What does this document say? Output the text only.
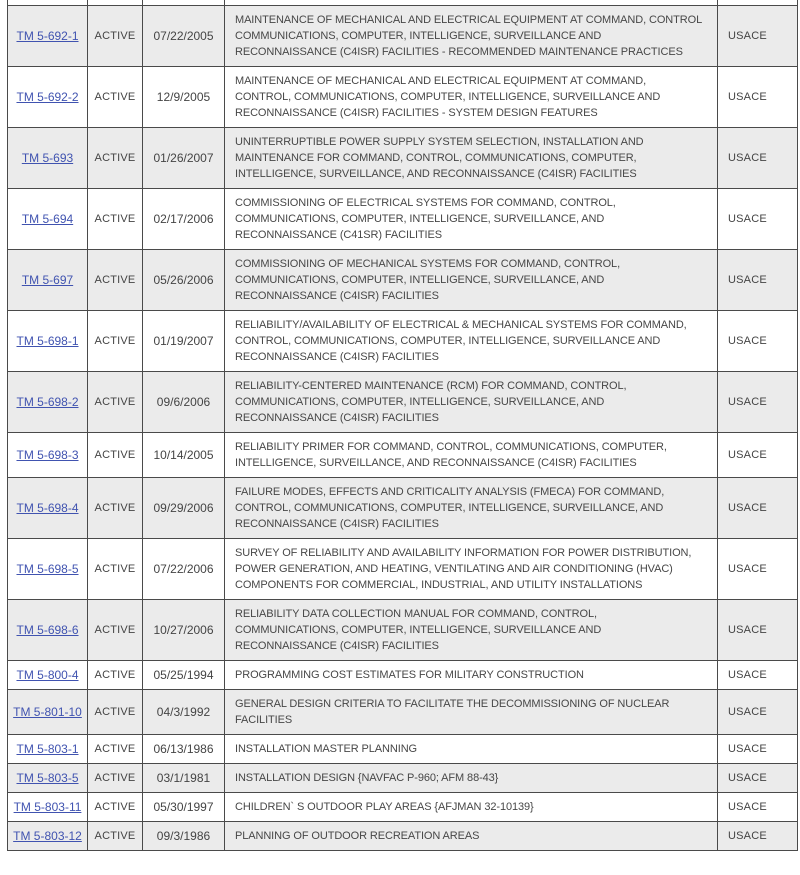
TM 5-692-1	ACTIVE	07/22/2005	MAINTENANCE OF MECHANICAL AND ELECTRICAL EQUIPMENT AT COMMAND, CONTROL COMMUNICATIONS, COMPUTER, INTELLIGENCE, SURVEILLANCE AND RECONNAISSANCE (C4ISR) FACILITIES - RECOMMENDED MAINTENANCE PRACTICES	USACE
TM 5-692-2	ACTIVE	12/9/2005	MAINTENANCE OF MECHANICAL AND ELECTRICAL EQUIPMENT AT COMMAND, CONTROL, COMMUNICATIONS, COMPUTER, INTELLIGENCE, SURVEILLANCE AND RECONNAISSANCE (C4ISR) FACILITIES - SYSTEM DESIGN FEATURES	USACE
TM 5-693	ACTIVE	01/26/2007	UNINTERRUPTIBLE POWER SUPPLY SYSTEM SELECTION, INSTALLATION AND MAINTENANCE FOR COMMAND, CONTROL, COMMUNICATIONS, COMPUTER, INTELLIGENCE, SURVEILLANCE, AND RECONNAISSANCE (C4ISR) FACILITIES	USACE
TM 5-694	ACTIVE	02/17/2006	COMMISSIONING OF ELECTRICAL SYSTEMS FOR COMMAND, CONTROL, COMMUNICATIONS, COMPUTER, INTELLIGENCE, SURVEILLANCE, AND RECONNAISSANCE (C41SR) FACILITIES	USACE
TM 5-697	ACTIVE	05/26/2006	COMMISSIONING OF MECHANICAL SYSTEMS FOR COMMAND, CONTROL, COMMUNICATIONS, COMPUTER, INTELLIGENCE, SURVEILLANCE, AND RECONNAISSANCE (C4ISR) FACILITIES	USACE
TM 5-698-1	ACTIVE	01/19/2007	RELIABILITY/AVAILABILITY OF ELECTRICAL & MECHANICAL SYSTEMS FOR COMMAND, CONTROL, COMMUNICATIONS, COMPUTER, INTELLIGENCE, SURVEILLANCE AND RECONNAISSANCE (C4ISR) FACILITIES	USACE
TM 5-698-2	ACTIVE	09/6/2006	RELIABILITY-CENTERED MAINTENANCE (RCM) FOR COMMAND, CONTROL, COMMUNICATIONS, COMPUTER, INTELLIGENCE, SURVEILLANCE, AND RECONNAISSANCE (C4ISR) FACILITIES	USACE
TM 5-698-3	ACTIVE	10/14/2005	RELIABILITY PRIMER FOR COMMAND, CONTROL, COMMUNICATIONS, COMPUTER, INTELLIGENCE, SURVEILLANCE, AND RECONNAISSANCE (C4ISR) FACILITIES	USACE
TM 5-698-4	ACTIVE	09/29/2006	FAILURE MODES, EFFECTS AND CRITICALITY ANALYSIS (FMECA) FOR COMMAND, CONTROL, COMMUNICATIONS, COMPUTER, INTELLIGENCE, SURVEILLANCE, AND RECONNAISSANCE (C4ISR) FACILITIES	USACE
TM 5-698-5	ACTIVE	07/22/2006	SURVEY OF RELIABILITY AND AVAILABILITY INFORMATION FOR POWER DISTRIBUTION, POWER GENERATION, AND HEATING, VENTILATING AND AIR CONDITIONING (HVAC) COMPONENTS FOR COMMERCIAL, INDUSTRIAL, AND UTILITY INSTALLATIONS	USACE
TM 5-698-6	ACTIVE	10/27/2006	RELIABILITY DATA COLLECTION MANUAL FOR COMMAND, CONTROL, COMMUNICATIONS, COMPUTER, INTELLIGENCE, SURVEILLANCE AND RECONNAISSANCE (C4ISR) FACILITIES	USACE
TM 5-800-4	ACTIVE	05/25/1994	PROGRAMMING COST ESTIMATES FOR MILITARY CONSTRUCTION	USACE
TM 5-801-10	ACTIVE	04/3/1992	GENERAL DESIGN CRITERIA TO FACILITATE THE DECOMMISSIONING OF NUCLEAR FACILITIES	USACE
TM 5-803-1	ACTIVE	06/13/1986	INSTALLATION MASTER PLANNING	USACE
TM 5-803-5	ACTIVE	03/1/1981	INSTALLATION DESIGN {NAVFAC P-960; AFM 88-43}	USACE
TM 5-803-11	ACTIVE	05/30/1997	CHILDREN` S OUTDOOR PLAY AREAS {AFJMAN 32-10139}	USACE
TM 5-803-12	ACTIVE	09/3/1986	PLANNING OF OUTDOOR RECREATION AREAS	USACE
